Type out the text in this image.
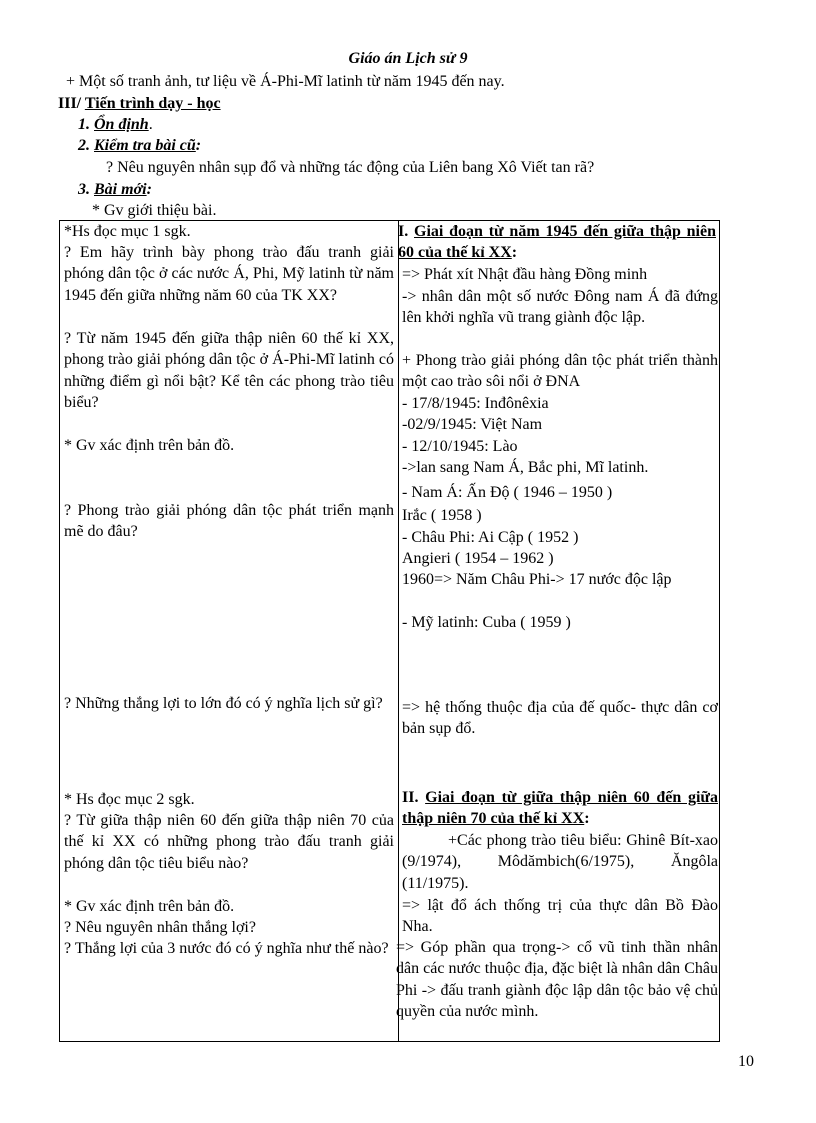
Giáo án Lịch sử 9
+ Một số tranh ảnh, tư liệu về Á-Phi-Mĩ latinh từ năm 1945 đến nay.
III/ Tiến trình dạy - học
1. Ổn định.
2. Kiểm tra bài cũ:
? Nêu nguyên nhân sụp đổ và những tác động của Liên bang Xô Viết tan rã?
3. Bài mới:
* Gv giới thiệu bài.

*Hs đọc mục 1 sgk.

? Em hãy trình bày phong trào đấu tranh giải phóng dân tộc ở các nước Á, Phi, Mỹ latinh từ năm 1945 đến giữa những năm 60 của TK XX?

? Từ năm 1945 đến giữa thập niên 60 thế kỉ XX, phong trào giải phóng dân tộc ở Á-Phi-Mĩ latinh có những điểm gì nổi bật? Kể tên các phong trào tiêu biểu?

* Gv xác định trên bản đồ.

? Phong trào giải phóng dân tộc phát triển mạnh mẽ do đâu?

? Những thắng lợi to lớn đó có ý nghĩa lịch sử gì?

* Hs đọc mục 2 sgk.

? Từ giữa thập niên 60 đến giữa thập niên 70 của thế kỉ XX có những phong trào đấu tranh giải phóng dân tộc tiêu biểu nào?

* Gv xác định trên bản đồ.

? Nêu nguyên nhân thắng lợi?

? Thắng lợi của 3 nước đó có ý nghĩa như thế nào?

I. Giai đoạn từ năm 1945 đến giữa thập niên 60 của thế kỉ XX:

=> Phát xít Nhật đầu hàng Đồng minh

-> nhân dân một số nước Đông nam Á đã đứng lên khởi nghĩa vũ trang giành độc lập.

+ Phong trào giải phóng dân tộc phát triển thành một cao trào sôi nổi ở ĐNA

- 17/8/1945: Inđônêxia

-02/9/1945: Việt Nam

- 12/10/1945: Lào

->lan sang Nam Á, Bắc phi, Mĩ latinh.

- Nam Á: Ấn Độ ( 1946 – 1950 )

Irắc ( 1958 )

- Châu Phi: Ai Cập ( 1952 )

Angieri ( 1954 – 1962 )

1960=> Năm Châu Phi-> 17 nước độc lập

- Mỹ latinh: Cuba ( 1959 )

=> hệ thống thuộc địa của đế quốc- thực dân cơ bản sụp đổ.

II. Giai đoạn từ giữa thập niên 60 đến giữa thập niên 70 của thế kỉ XX:

+Các phong trào tiêu biểu: Ghinê Bít-xao (9/1974), Môdămbich(6/1975), Ăngôla (11/1975).

=> lật đổ ách thống trị của thực dân Bồ Đào Nha.

=> Góp phần qua trọng-> cổ vũ tinh thần nhân dân các nước thuộc địa, đặc biệt là nhân dân Châu Phi -> đấu tranh giành độc lập dân tộc bảo vệ chủ quyền của nước mình.

10
